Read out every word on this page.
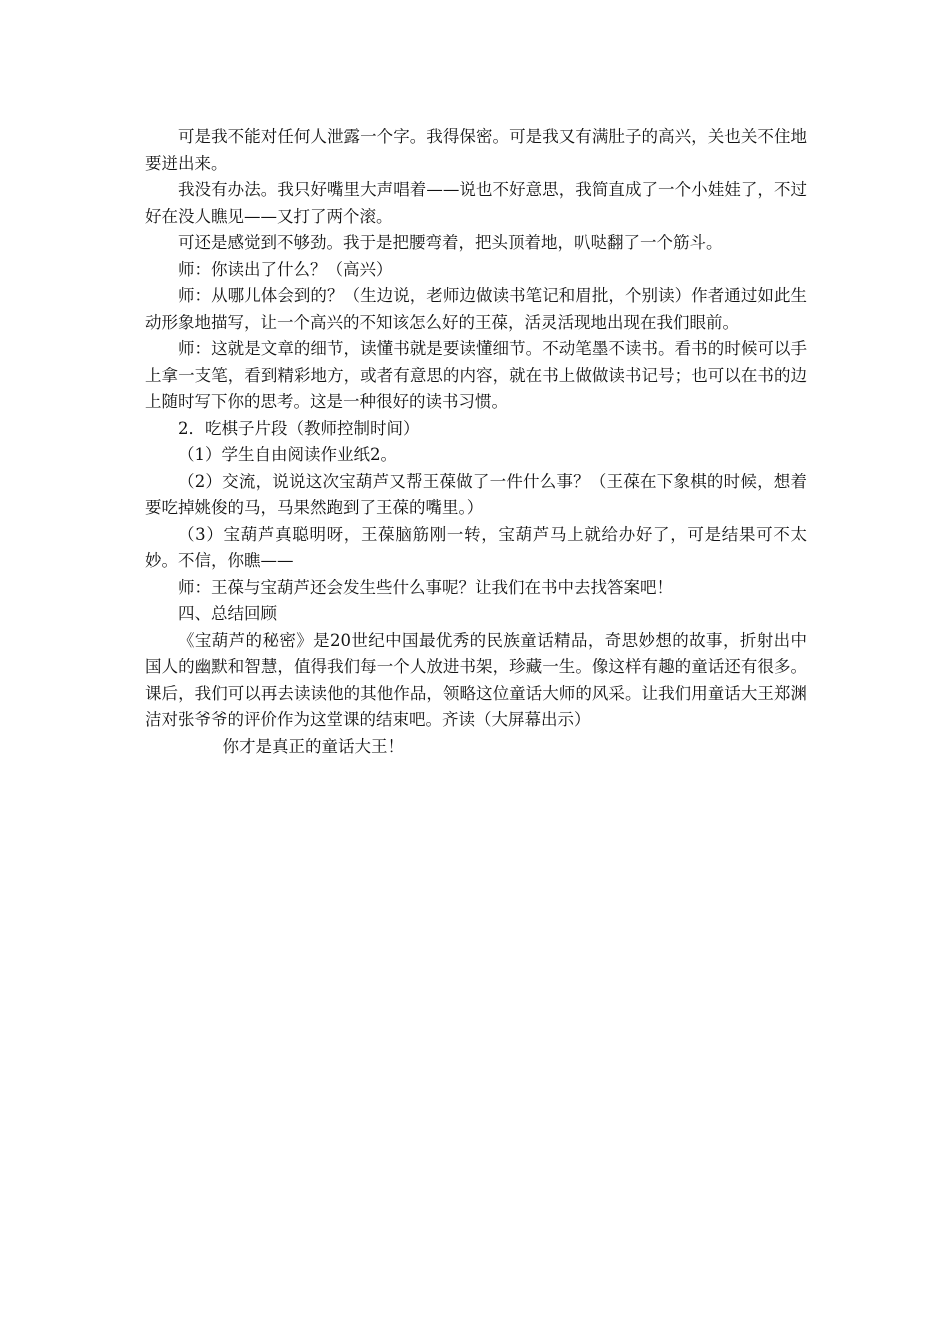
可是我不能对任何人泄露一个字。我得保密。可是我又有满肚子的高兴，关也关不住地要迸出来。

我没有办法。我只好嘴里大声唱着——说也不好意思，我简直成了一个小娃娃了，不过好在没人瞧见——又打了两个滚。

可还是感觉到不够劲。我于是把腰弯着，把头顶着地，叭哒翻了一个筋斗。

师：你读出了什么？（高兴）

师：从哪儿体会到的？（生边说，老师边做读书笔记和眉批，个别读）作者通过如此生动形象地描写，让一个高兴的不知该怎么好的王葆，活灵活现地出现在我们眼前。

师：这就是文章的细节，读懂书就是要读懂细节。不动笔墨不读书。看书的时候可以手上拿一支笔，看到精彩地方，或者有意思的内容，就在书上做做读书记号；也可以在书的边上随时写下你的思考。这是一种很好的读书习惯。

2．吃棋子片段（教师控制时间）

（1）学生自由阅读作业纸2。

（2）交流，说说这次宝葫芦又帮王葆做了一件什么事？（王葆在下象棋的时候，想着要吃掉姚俊的马，马果然跑到了王葆的嘴里。）

（3）宝葫芦真聪明呀，王葆脑筋刚一转，宝葫芦马上就给办好了，可是结果可不太妙。不信，你瞧——

师：王葆与宝葫芦还会发生些什么事呢？让我们在书中去找答案吧！

四、总结回顾

《宝葫芦的秘密》是20世纪中国最优秀的民族童话精品，奇思妙想的故事，折射出中国人的幽默和智慧，值得我们每一个人放进书架，珍藏一生。像这样有趣的童话还有很多。课后，我们可以再去读读他的其他作品，领略这位童话大师的风采。让我们用童话大王郑渊洁对张爷爷的评价作为这堂课的结束吧。齐读（大屏幕出示）

你才是真正的童话大王！
